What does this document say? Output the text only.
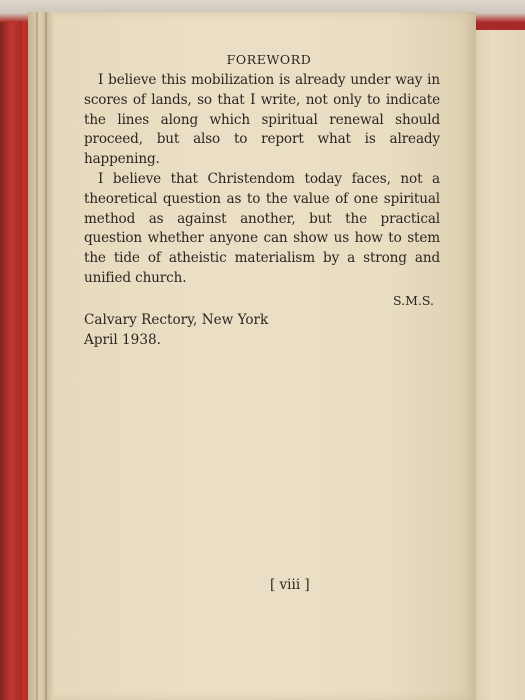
FOREWORD

I believe this mobilization is already under way in scores of lands, so that I write, not only to indicate the lines along which spiritual renewal should proceed, but also to report what is already happening.

I believe that Christendom today faces, not a theoretical question as to the value of one spiritual method as against another, but the practical question whether anyone can show us how to stem the tide of atheistic materialism by a strong and unified church.

S.M.S.
Calvary Rectory, New York
April 1938.
[ viii ]
